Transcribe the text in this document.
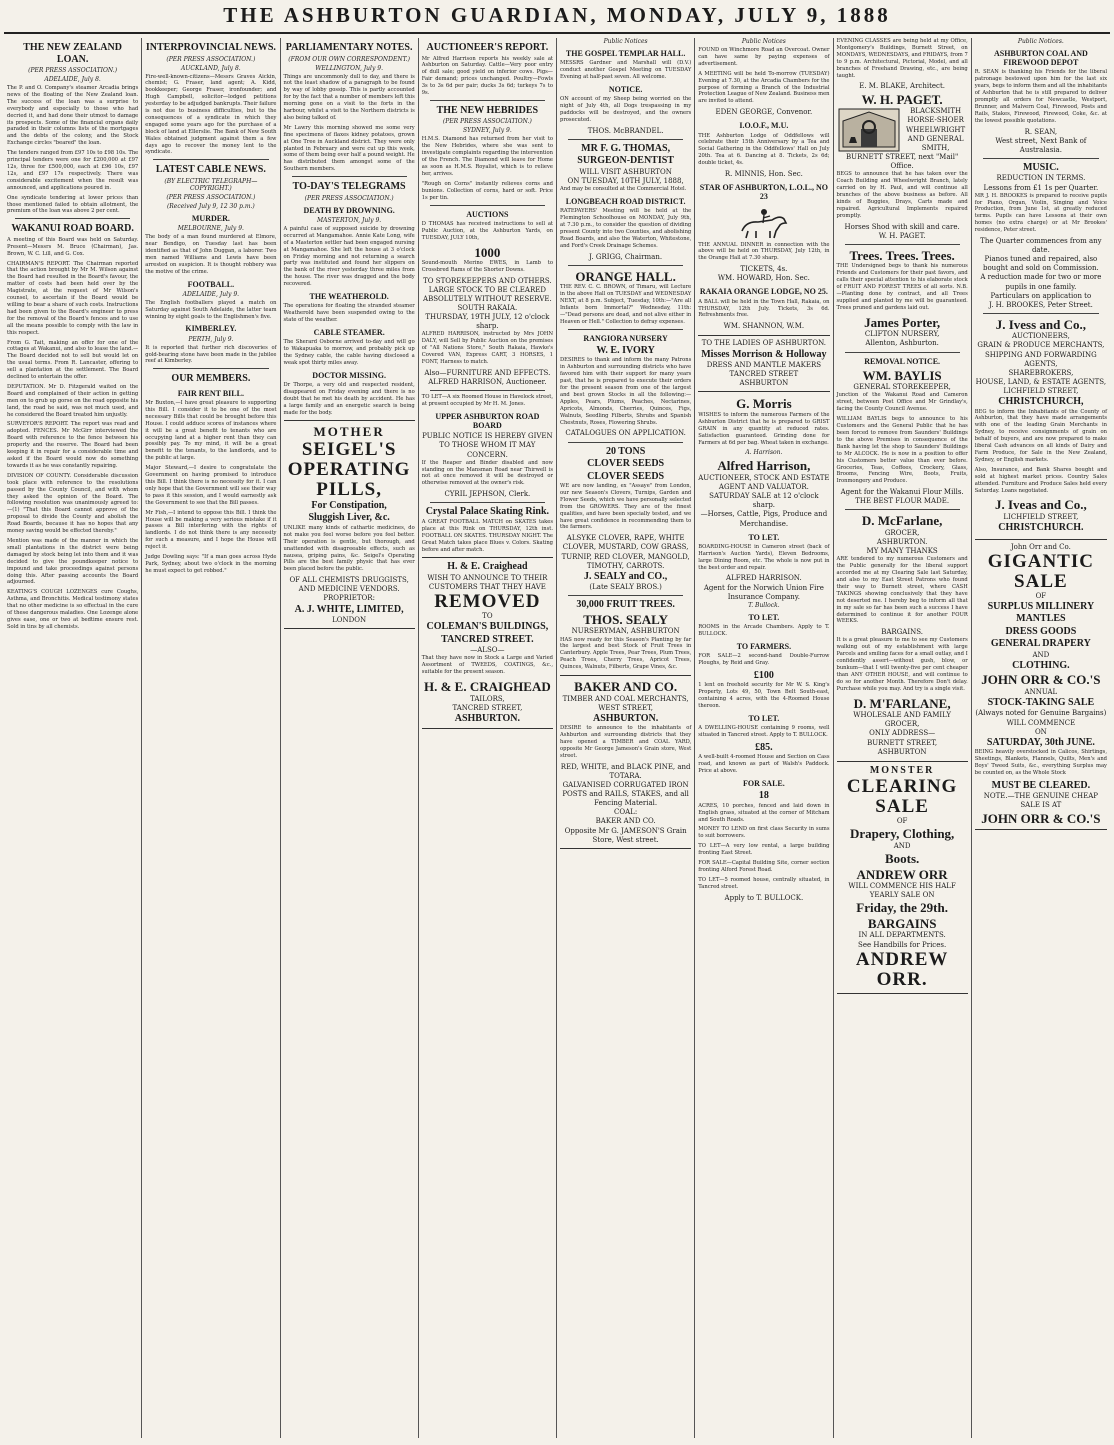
THE ASHBURTON GUARDIAN, MONDAY, JULY 9, 1888
THE NEW ZEALAND LOAN.
(PER PRESS ASSOCIATION.)
ADELAIDE, July 8.
The P. and O. Company's steamer Arcadia brings news of the floating of the New Zealand loan. The success of the loan was a surprise to everybody and especially to those who had decried it, and had done their utmost to damage its prospects. Some of the financial organs daily paraded in their columns lists of the mortgages and the debts of the colony, and the Stock Exchange circles "beared" the loan.
The tenders ranged from £97 10s to £98 10s. The principal tenders were one for £200,000 at £97 12s, three for £500,000, each at £96 10s, £97 12s, and £97 17s respectively. There was considerable excitement when the result was announced, and applications poured in.
One syndicate tendering at lower prices than those mentioned failed to obtain allotment, the premium of the loan was above 2 per cent.
WAKANUI ROAD BOARD.
A meeting of this Board was held on Saturday. Present—Messrs M. Bruce (Chairman), Jas. Brown, W. C. Lill, and G. Cox.
CHAIRMAN'S REPORT. The Chairman reported that the action brought by Mr M. Wilson against the Board had resulted in the Board's favour, the matter of costs had been held over by the Magistrate, at the request of Mr Wilson's counsel, to ascertain if the Board would be willing to bear a share of such costs. Instructions had been given to the Board's engineer to press for the removal of the Board's fences and to use all the means possible to comply with the law in this respect.
From G. Tait, making an offer for one of the cottages at Wakanui, and also to lease the land.—The Board decided not to sell but would let on the usual terms. From R. Lancaster, offering to sell a plantation at the settlement. The Board declined to entertain the offer.
DEPUTATION. Mr D. Fitzgerald waited on the Board and complained of their action in getting men on to grub up gorse on the road opposite his land, the road he said, was not much used, and he considered the Board treated him unjustly.
SURVEYOR'S REPORT. The report was read and adopted. FENCES. Mr McGirr interviewed the Board with reference to the fence between his property and the reserve. The Board had been keeping it in repair for a considerable time and asked if the Board would now do something towards it as he was constantly repairing.
DIVISION OF COUNTY. Considerable discussion took place with reference to the resolutions passed by the County Council, and with whom they asked the opinion of the Board. The following resolution was unanimously agreed to:—(1) "That this Board cannot approve of the proposal to divide the County and abolish the Road Boards, because it has no hopes that any money saving would be effected thereby."
Mention was made of the manner in which the small plantations in the district were being damaged by stock being let into them and it was decided to give the poundkeeper notice to impound and take proceedings against persons doing this. After passing accounts the Board adjourned.
KEATING'S COUGH LOZENGES cure Coughs, Asthma, and Bronchitis. Medical testimony states that no other medicine is so effectual in the cure of these dangerous maladies. One Lozenge alone gives ease, one or two at bedtime ensure rest. Sold in tins by all chemists.
INTERPROVINCIAL NEWS.
(PER PRESS ASSOCIATION.)
AUCKLAND, July 8.
Fire-well-known-citizens—Messrs Graves Aickin, chemist; G. Fraser, land agent; A. Kidd, bookkeeper; George Fraser, ironfounder; and Hugh Campbell, solicitor—lodged petitions yesterday to be adjudged bankrupts. Their failure is not due to business difficulties, but to the consequences of a syndicate in which they engaged some years ago for the purchase of a block of land at Ellerslie. The Bank of New South Wales obtained judgment against them a few days ago to recover the money lent to the syndicate.
LATEST CABLE NEWS.
(BY ELECTRIC TELEGRAPH—COPYRIGHT.)
(PER PRESS ASSOCIATION.)
(Received July 9, 12 30 p.m.)
MURDER.
MELBOURNE, July 9.
The body of a man found murdered at Elmore, near Bendigo, on Tuesday last has been identified as that of John Duggan, a laborer. Two men named Williams and Lewis have been arrested on suspicion. It is thought robbery was the motive of the crime.
FOOTBALL.
ADELAIDE, July 9.
The English footballers played a match on Saturday against South Adelaide, the latter team winning by eight goals to the Englishmen's five.
KIMBERLEY.
PERTH, July 9.
It is reported that further rich discoveries of gold-bearing stone have been made in the jubilee reef at Kimberley.
OUR MEMBERS.
FAIR RENT BILL.
Mr Buxton,—I have great pleasure to supporting this Bill. I consider it to be one of the most necessary Bills that could be brought before this House. I could adduce scores of instances where it will be a great benefit to tenants who are occupying land at a higher rent than they can possibly pay. To my mind, it will be a great benefit to the tenants, to the landlords, and to the public at large.
Major Steward,—I desire to congratulate the Government on having promised to introduce this Bill. I think there is no necessity for it. I can only hope that the Government will see their way to pass it this session, and I would earnestly ask the Government to see that the Bill passes.
Mr Fish,—I intend to oppose this Bill. I think the House will be making a very serious mistake if it passes a Bill interfering with the rights of landlords. I do not think there is any necessity for such a measure, and I hope the House will reject it.
Judge Dowling says: "If a man goes across Hyde Park, Sydney, about two o'clock in the morning he must expect to get robbed."
PARLIAMENTARY NOTES.
(FROM OUR OWN CORRESPONDENT.)
WELLINGTON, July 9.
Things are uncommonly dull to day, and there is not the least shadow of a paragraph to be found by way of lobby gossip. This is partly accounted for by the fact that a number of members left this morning gone on a visit to the forts in the harbour, whilst a visit to the Northern districts is also being talked of.
Mr Lawry this morning showed me some very fine specimens of flaxes kidney potatoes, grown at One Tree in Auckland district. They were only planted in February and were cut up this week, some of them being over half a pound weight. He has distributed them amongst some of the Southern members.
TO-DAY'S TELEGRAMS
(PER PRESS ASSOCIATION.)
DEATH BY DROWNING.
MASTERTON, July 9.
A painful case of supposed suicide by drowning occurred at Mangamahoe. Annie Kate Long, wife of a Masterton settler had been engaged nursing at Mangamahoe. She left the house at 3 o'clock on Friday morning and not returning a search party was instituted and found her slippers on the bank of the river yesterday three miles from the house. The river was dragged and the body recovered.
THE WEATHEROLD.
The operations for floating the stranded steamer Weatherold have been suspended owing to the state of the weather.
CABLE STEAMER.
The Sherard Osborne arrived to-day and will go to Wakapuaka to morrow, and probably pick up the Sydney cable, the cable having disclosed a weak spot thirty miles away.
DOCTOR MISSING.
Dr Thorpe, a very old and respected resident, disappeared on Friday evening and there is no doubt that he met his death by accident. He has a large family and an energetic search is being made for the body.
MOTHER
SEIGEL'S
OPERATING
PILLS,
For Constipation,
Sluggish Liver, &c.
UNLIKE many kinds of cathartic medicines, do not make you feel worse before you feel better. Their operation is gentle, but thorough, and unattended with disagreeable effects, such as nausea, griping pains, &c. Seigel's Operating Pills are the best family physic that has ever been placed before the public.
OF ALL CHEMISTS DRUGGISTS, AND MEDICINE VENDORS.
PROPRIETOR:
A. J. WHITE, LIMITED,
LONDON
AUCTIONEER'S REPORT.
Mr Alfred Harrison reports his weekly sale at Ashburton on Saturday. Cattle—Very poor entry of dull sale; good yield on inferior cows. Pigs—Fair demand; prices unchanged. Poultry—Fowls 3s to 3s 6d per pair; ducks 3s 6d; turkeys 7s to 9s.
THE NEW HEBRIDES
(PER PRESS ASSOCIATION.)
SYDNEY, July 9.
H.M.S. Diamond has returned from her visit to the New Hebrides, where she was sent to investigate complaints regarding the intervention of the French. The Diamond will leave for Home as soon as H.M.S. Royalist, which is to relieve her, arrives.
"Rough on Corns" instantly relieves corns and bunions. Collection of corns, hard or soft. Price 1s per tin.
AUCTIONS
D THOMAS has received instructions to sell at Public Auction, at the Ashburton Yards, on TUESDAY, JULY 10th,
1000
Sound-mouth Merino EWES, in Lamb to Crossbred Rams of the Shorter Downs.
TO STOREKEEPERS AND OTHERS.
LARGE STOCK TO BE CLEARED ABSOLUTELY WITHOUT RESERVE.
SOUTH RAKAIA.
THURSDAY, 19TH JULY, 12 o'clock sharp.
ALFRED HARRISON, instructed by Mrs JOHN DALY, will Sell by Public Auction on the premises of "All Nations Store," South Rakaia, Hawke's Covered VAN, Express CART, 3 HORSES, 1 FONT, Harness to match.
Also—FURNITURE AND EFFECTS.
ALFRED HARRISON, Auctioneer.
TO LET—A six Roomed House in Havelock street, at present occupied by Mr H. M. Jones.
UPPER ASHBURTON ROAD BOARD
PUBLIC NOTICE IS HEREBY GIVEN TO THOSE WHOM IT MAY CONCERN.
If the Reaper and Binder disabled and now standing on the Mansman Road near Thirwell is not at once removed it will be destroyed or otherwise removed at the owner's risk.
CYRIL JEPHSON, Clerk.
Crystal Palace Skating Rink.
A GREAT FOOTBALL MATCH on SKATES takes place at this Rink on THURSDAY, 12th inst. FOOTBALL ON SKATES. THURSDAY NIGHT. The Great Match takes place Blues v. Colors. Skating before and after match.
H. & E. Craighead
WISH TO ANNOUNCE TO THEIR CUSTOMERS THAT THEY HAVE
REMOVED
TO
COLEMAN'S BUILDINGS,
TANCRED STREET.
—ALSO—
That they have now in Stock a Large and Varied Assortment of TWEEDS, COATINGS, &c., suitable for the present season.
H. & E. CRAIGHEAD
TAILORS,
TANCRED STREET,
ASHBURTON.
Public Notices
THE GOSPEL TEMPLAR HALL.
MESSRS Gardner and Marshall will (D.V.) conduct another Gospel Meeting on TUESDAY Evening at half-past seven. All welcome.
NOTICE.
ON account of my Sheep being worried on the night of July 4th, all Dogs trespassing in my paddocks will be destroyed, and the owners prosecuted.
THOS. McBRANDEL.
MR F. G. THOMAS,
SURGEON-DENTIST
WILL VISIT ASHBURTON
ON TUESDAY, 10TH JULY, 1888,
And may be consulted at the Commercial Hotel.
LONGBEACH ROAD DISTRICT.
RATEPAYERS' Meeting will be held at the Flemington Schoolhouse on MONDAY, July 9th, at 7.30 p.m., to consider the question of dividing present County into two Counties, and abolishing Road Boards, and also the Waterton, Whitestone, and Ford's Creek Drainage Schemes.
J. GRIGG, Chairman.
ORANGE HALL.
THE REV. C. C. BROWN, of Timaru, will Lecture in the above Hall on TUESDAY and WEDNESDAY NEXT, at 8 p.m. Subject, Tuesday, 10th:—"Are all Infants born Immortal?" Wednesday, 11th:—"Dead persons are dead, and not alive either in Heaven or Hell." Collection to defray expenses.
RANGIORA NURSERY
W. E. IVORY
DESIRES to thank and inform the many Patrons in Ashburton and surrounding districts who have favored him with their support for many years past, that he is prepared to execute their orders for the present season from one of the largest and best grown Stocks in all the following:—Apples, Pears, Plums, Peaches, Nectarines, Apricots, Almonds, Cherries, Quinces, Figs, Walnuts, Seedling Filberts, Shrubs and Spanish Chestnuts, Roses, Flowering Shrubs.
CATALOGUES ON APPLICATION.
20 TONS
CLOVER SEEDS
CLOVER SEEDS
WE are now landing, ex "Assaye" from London, our new Season's Clovers, Turnips, Garden and Flower Seeds, which we have personally selected from the GROWERS. They are of the finest qualities, and have been specially tested, and we have great confidence in recommending them to the farmers.
ALSYKE CLOVER, RAPE, WHITE CLOVER, MUSTARD, COW GRASS, TURNIP, RED CLOVER, MANGOLD, TIMOTHY, CARROTS.
J. SEALY and CO.,
(Late SEALY BROS.)
30,000 FRUIT TREES.
THOS. SEALY
NURSERYMAN, ASHBURTON
HAS now ready for this Season's Planting by far the largest and best Stock of Fruit Trees in Canterbury. Apple Trees, Pear Trees, Plum Trees, Peach Trees, Cherry Trees, Apricot Trees, Quinces, Walnuts, Filberts, Grape Vines, &c.
BAKER AND CO.
TIMBER AND COAL MERCHANTS,
WEST STREET,
ASHBURTON.
DESIRE to announce to the inhabitants of Ashburton and surrounding districts that they have opened a TIMBER and COAL YARD, opposite Mr George Jameson's Grain store, West street.
RED, WHITE, and BLACK PINE, and TOTARA.
GALVANISED CORRUGATED IRON
POSTS and RAILS, STAKES, and all Fencing Material.
COAL:
BAKER AND CO.
Opposite Mr G. JAMESON'S Grain Store, West street.
Public Notices
FOUND on Winchmore Road an Overcoat. Owner can have same by paying expenses of advertisement.
A MEETING will be held To-morrow (TUESDAY) Evening at 7.30, at the Arcadia Chambers for the purpose of forming a Branch of the Industrial Protection League of New Zealand. Business men are invited to attend.
EDEN GEORGE, Convenor.
I.O.O.F., M.U.
THE Ashburton Lodge of Oddfellows will celebrate their 15th Anniversary by a Tea and Social Gathering in the Oddfellows' Hall on July 20th. Tea at 6. Dancing at 8. Tickets, 2s 6d; double ticket, 4s.
R. MINNIS, Hon. Sec.
STAR OF ASHBURTON, L.O.L., NO 23
THE ANNUAL DINNER in connection with the above will be held on THURSDAY, July 12th, in the Orange Hall at 7.30 sharp.
TICKETS, 4s.
WM. HOWARD, Hon. Sec.
RAKAIA ORANGE LODGE, NO 25.
A BALL will be held in the Town Hall, Rakaia, on THURSDAY, 12th July. Tickets, 3s 6d. Refreshments free.
WM. SHANNON, W.M.
TO THE LADIES OF ASHBURTON.
Misses Morrison & Holloway
DRESS AND MANTLE MAKERS
TANCRED STREET
ASHBURTON
G. Morris
WISHES to inform the numerous Farmers of the Ashburton District that he is prepared to GRIST GRAIN in any quantity at reduced rates. Satisfaction guaranteed. Grinding done for Farmers at 6d per bag. Wheat taken in exchange.
A. Harrison.
Alfred Harrison,
AUCTIONEER, STOCK AND ESTATE AGENT AND VALUATOR.
SATURDAY SALE at 12 o'clock sharp.
—Horses, Cattle, Pigs, Produce and Merchandise.
TO LET.
BOARDING-HOUSE in Cameron street (back of Harrison's Auction Yards), Eleven Bedrooms, large Dining Room, etc. The whole is now put in the best order and repair.
ALFRED HARRISON.
Agent for the Norwich Union Fire Insurance Company.
T. Bullock.
TO LET.
ROOMS in the Arcade Chambers. Apply to T. BULLOCK.
TO FARMERS.
FOR SALE—2 second-hand Double-Furrow Ploughs, by Reid and Gray.
£100
1 lent on freehold security for Mr W. S. King's Property, Lots 49, 50, Town Belt South-east, containing 4 acres, with the 4-Roomed House thereon.
TO LET.
A DWELLING-HOUSE containing 9 rooms, well situated in Tancred street. Apply to T. BULLOCK.
£85.
A well-built 4-roomed House and Section on Cass road, and known as part of Walsh's Paddock. Price at above.
FOR SALE.
18
ACRES, 10 porches, fenced and laid down in English grass, situated at the corner of Mitcham and South Roads.
MONEY TO LEND on first class Security in sums to suit borrowers.
TO LET—A very low rental, a large building fronting East Street.
FOR SALE—Capital Building Site, corner section fronting Alford Forest Road.
TO LET—5 roomed house, centrally situated, in Tancred street.
Apply to T. BULLOCK.
EVENING CLASSES are being held at my Office, Montgomery's Buildings, Burnett Street, on MONDAYS, WEDNESDAYS, and FRIDAYS, from 7 to 9 p.m. Architectural, Pictorial, Model, and all branches of Freehand Drawing, etc., are being taught.
E. M. BLAKE, Architect.
W. H. PAGET.
BLACKSMITH
HORSE-SHOER
WHEELWRIGHT
AND GENERAL SMITH,
BURNETT STREET, next "Mail" Office.
BEGS to announce that he has taken over the Coach Building and Wheelwright Branch, lately carried on by H. Paul, and will continue all branches of the above business as before. All kinds of Buggies, Drays, Carts made and repaired. Agricultural Implements repaired promptly.
Horses Shod with skill and care.
W. H. PAGET.
Trees. Trees. Trees.
THE Undersigned begs to thank his numerous Friends and Customers for their past favors, and calls their special attention to his elaborate stock of FRUIT AND FOREST TREES of all sorts. N.B.—Planting done by contract, and all Trees supplied and planted by me will be guaranteed. Trees pruned and gardens laid out.
James Porter,
CLIFTON NURSERY,
Allenton, Ashburton.
REMOVAL NOTICE.
WM. BAYLIS
GENERAL STOREKEEPER,
Junction of the Wakanui Road and Cameron street, between Post Office and Mr Grindlay's, facing the County Council Avenue.
WILLIAM BAYLIS begs to announce to his Customers and the General Public that he has been forced to remove from Saunders' Buildings to the above Premises in consequence of the Bank having let the shop to Saunders' Buildings to Mr ALCOCK. He is now in a position to offer his Customers better value than ever before. Groceries, Teas, Coffees, Crockery, Glass, Brooms, Fencing Wire, Boots, Fruits, Ironmongery and Produce.
Agent for the Wakanui Flour Mills. THE BEST FLOUR MADE.
D. McFarlane,
GROCER,
ASHBURTON.
MY MANY THANKS
ARE tendered to my numerous Customers and the Public generally for the liberal support accorded me at my Clearing Sale last Saturday, and also to my East Street Patrons who found their way to Burnett street, where CASH TAKINGS showing conclusively that they have not deserted me. I hereby beg to inform all that in my sale so far has been such a success I have determined to continue it for another FOUR WEEKS.
BARGAINS.
It is a great pleasure to me to see my Customers walking out of my establishment with large Parcels and smiling faces for a small outlay, and I confidently assert—without gush, blow, or bunkum—that I will twenty-five per cent cheaper than ANY OTHER HOUSE, and will continue to do so for another Month. Therefore Don't delay. Purchase while you may. And try is a single visit.
D. M'FARLANE,
WHOLESALE AND FAMILY GROCER,
ONLY ADDRESS—
BURNETT STREET,
ASHBURTON
MONSTER
CLEARING SALE
OF
Drapery, Clothing,
AND
Boots.
ANDREW ORR
WILL COMMENCE HIS HALF YEARLY SALE ON
Friday, the 29th.
BARGAINS
IN ALL DEPARTMENTS.
See Handbills for Prices.
ANDREW ORR.
Public Notices.
ASHBURTON COAL AND FIREWOOD DEPOT
R. SEAN is thanking his Friends for the liberal patronage bestowed upon him for the last six years, begs to inform them and all the inhabitants of Ashburton that he is still prepared to deliver promptly all orders for Newcastle, Westport, Brunner, and Malvern Coal, Firewood, Posts and Rails, Stakes, Firewood, Firewood, Coke, &c. at the lowest possible quotations.
R. SEAN,
West street, Next Bank of Australasia.
MUSIC.
REDUCTION IN TERMS.
Lessons from £1 1s per Quarter.
MR J. H. BROOKES is prepared to receive pupils for Piano, Organ, Violin, Singing and Voice Production, from June 1st, at greatly reduced terms. Pupils can have Lessons at their own homes (no extra charge) or at Mr Brookes' residence, Peter street.
The Quarter commences from any date.
Pianos tuned and repaired, also bought and sold on Commission.
A reduction made for two or more pupils in one family.
Particulars on application to
J. H. BROOKES, Peter Street.
J. Ivess and Co.,
AUCTIONEERS,
GRAIN & PRODUCE MERCHANTS,
SHIPPING AND FORWARDING AGENTS,
SHAREBROKERS,
HOUSE, LAND, & ESTATE AGENTS,
LICHFIELD STREET,
CHRISTCHURCH,
BEG to inform the Inhabitants of the County of Ashburton, that they have made arrangements with one of the leading Grain Merchants in Sydney, to receive consignments of grain on behalf of buyers, and are now prepared to make liberal Cash advances on all kinds of Dairy and Farm Produce, for Sale in the New Zealand, Sydney, or English markets.
Also, Insurance, and Bank Shares bought and sold at highest market prices. Country Sales attended. Furniture and Produce Sales held every Saturday. Loans negotiated.
J. Iveas and Co.,
LICHFIELD STREET,
CHRISTCHURCH.
John Orr and Co.
GIGANTIC SALE
OF
SURPLUS MILLINERY
MANTLES
DRESS GOODS
GENERAL DRAPERY
AND
CLOTHING.
JOHN ORR & CO.'S
ANNUAL
STOCK-TAKING SALE
(Always noted for Genuine Bargains)
WILL COMMENCE
ON
SATURDAY, 30th JUNE.
BEING heavily overstocked in Calicos, Shirtings, Sheetings, Blankets, Flannels, Quilts, Men's and Boys' Tweed Suits, &c., everything Surplus may be counted on, as the Whole Stock
MUST BE CLEARED.
NOTE.—THE GENUINE CHEAP SALE IS AT
JOHN ORR & CO.'S
